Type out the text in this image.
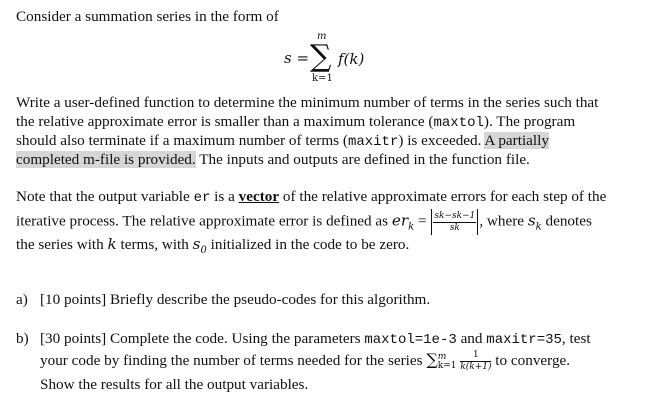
Consider a summation series in the form of
s =
m
∑
k=1
f(k)
Write a user-defined function to determine the minimum number of terms in the series such that
the relative approximate error is smaller than a maximum tolerance (maxtol). The program
should also terminate if a maximum number of terms (maxitr) is exceeded. A partially
completed m-file is provided. The inputs and outputs are defined in the function file.
Note that the output variable er is a vector of the relative approximate errors for each step of the
iterative process. The relative approximate error is defined as $er_k = \frac{sk-sk-1}{sk}$ , where $s_k$ denotes
the series with k terms, with $s_0$ initialized in the code to be zero.
a) [10 points] Briefly describe the pseudo-codes for this algorithm.
b) [30 points] Complete the code. Using the parameters maxtol=1e-3 and maxitr=35, test
your code by finding the number of terms needed for the series ∑ m
k=1
$\frac{1}{k(k+1)}$ to converge.
Show the results for all the output variables.
